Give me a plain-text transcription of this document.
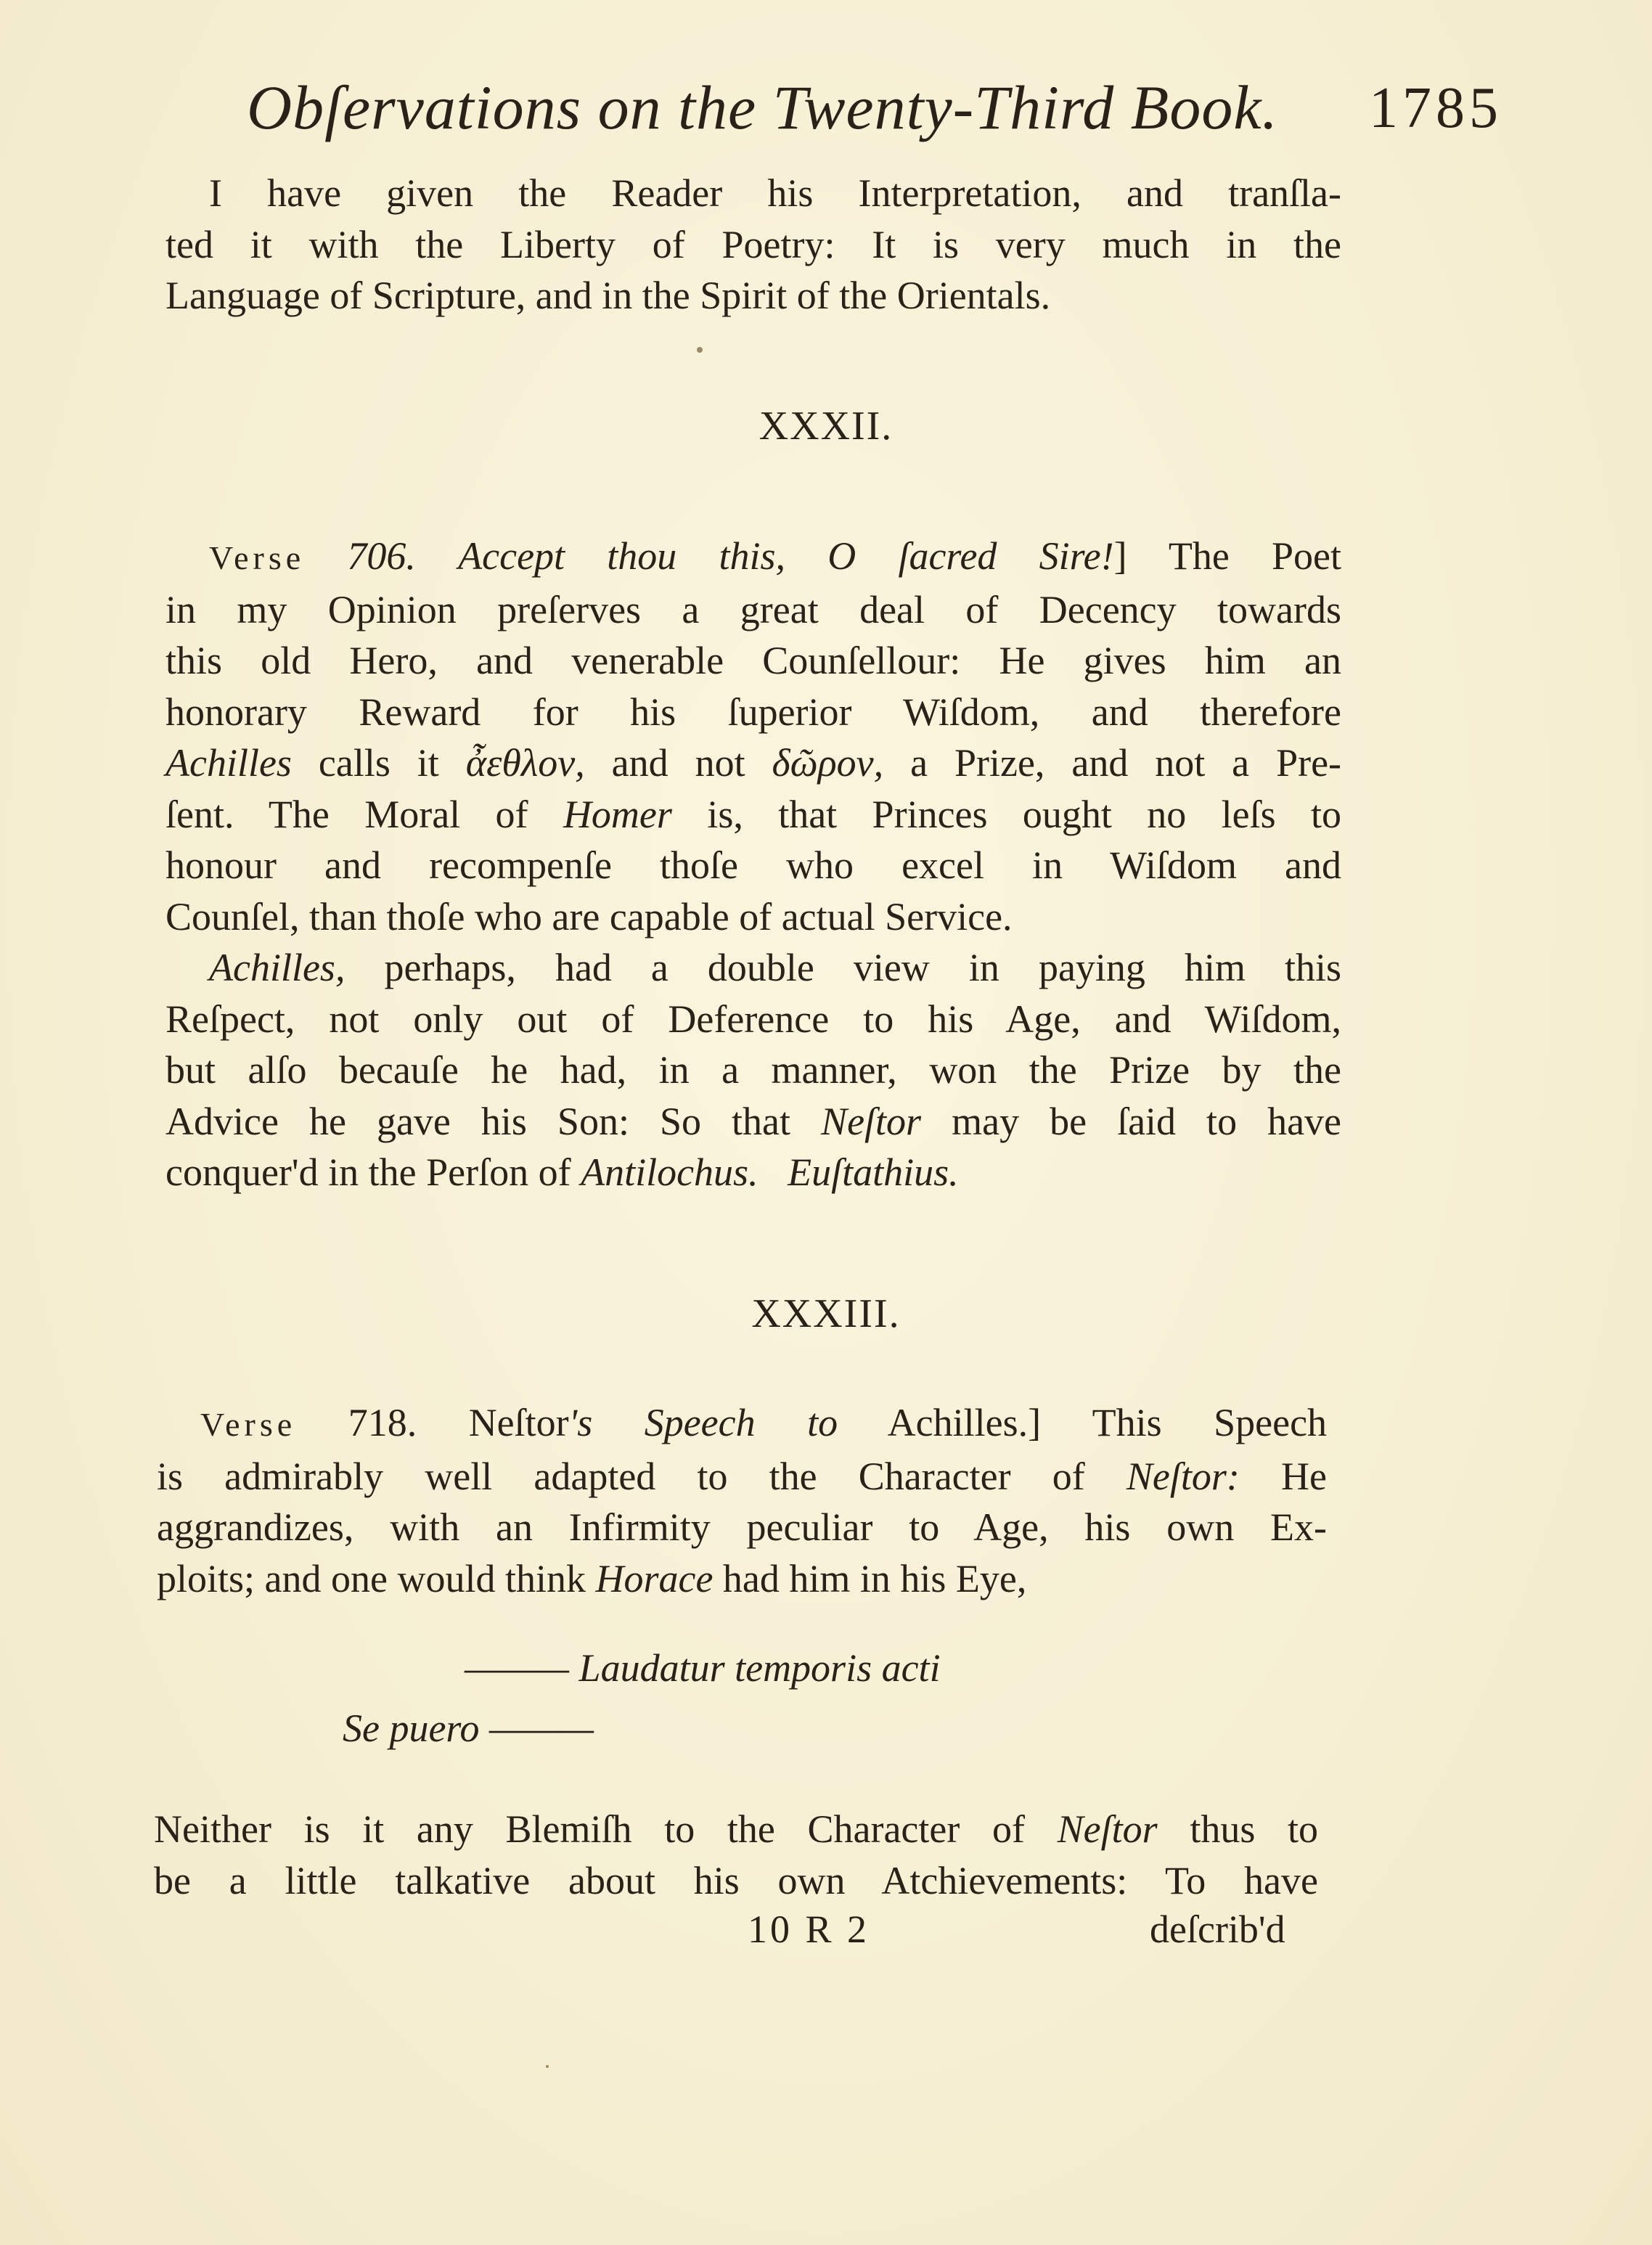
Obſervations on the Twenty-Third Book. 1785
I have given the Reader his Interpretation, and tranſla-
ted it with the Liberty of Poetry: It is very much in the
Language of Scripture, and in the Spirit of the Orientals.
XXXII.
Verse 706. Accept thou this, O ſacred Sire!] The Poet
in my Opinion preſerves a great deal of Decency towards
this old Hero, and venerable Counſellour: He gives him an
honorary Reward for his ſuperior Wiſdom, and therefore
Achilles calls it ἆεθλον, and not δῶρον, a Prize, and not a Pre-
ſent. The Moral of Homer is, that Princes ought no leſs to
honour and recompenſe thoſe who excel in Wiſdom and
Counſel, than thoſe who are capable of actual Service.
Achilles, perhaps, had a double view in paying him this
Reſpect, not only out of Deference to his Age, and Wiſdom,
but alſo becauſe he had, in a manner, won the Prize by the
Advice he gave his Son: So that Neſtor may be ſaid to have
conquer'd in the Perſon of Antilochus. Euſtathius.
XXXIII.
Verse 718. Neſtor's Speech to Achilles.] This Speech
is admirably well adapted to the Character of Neſtor: He
aggrandizes, with an Infirmity peculiar to Age, his own Ex-
ploits; and one would think Horace had him in his Eye,
——— Laudatur temporis acti
Se puero ———
Neither is it any Blemiſh to the Character of Neſtor thus to
be a little talkative about his own Atchievements: To have
10 R 2	deſcrib'd
